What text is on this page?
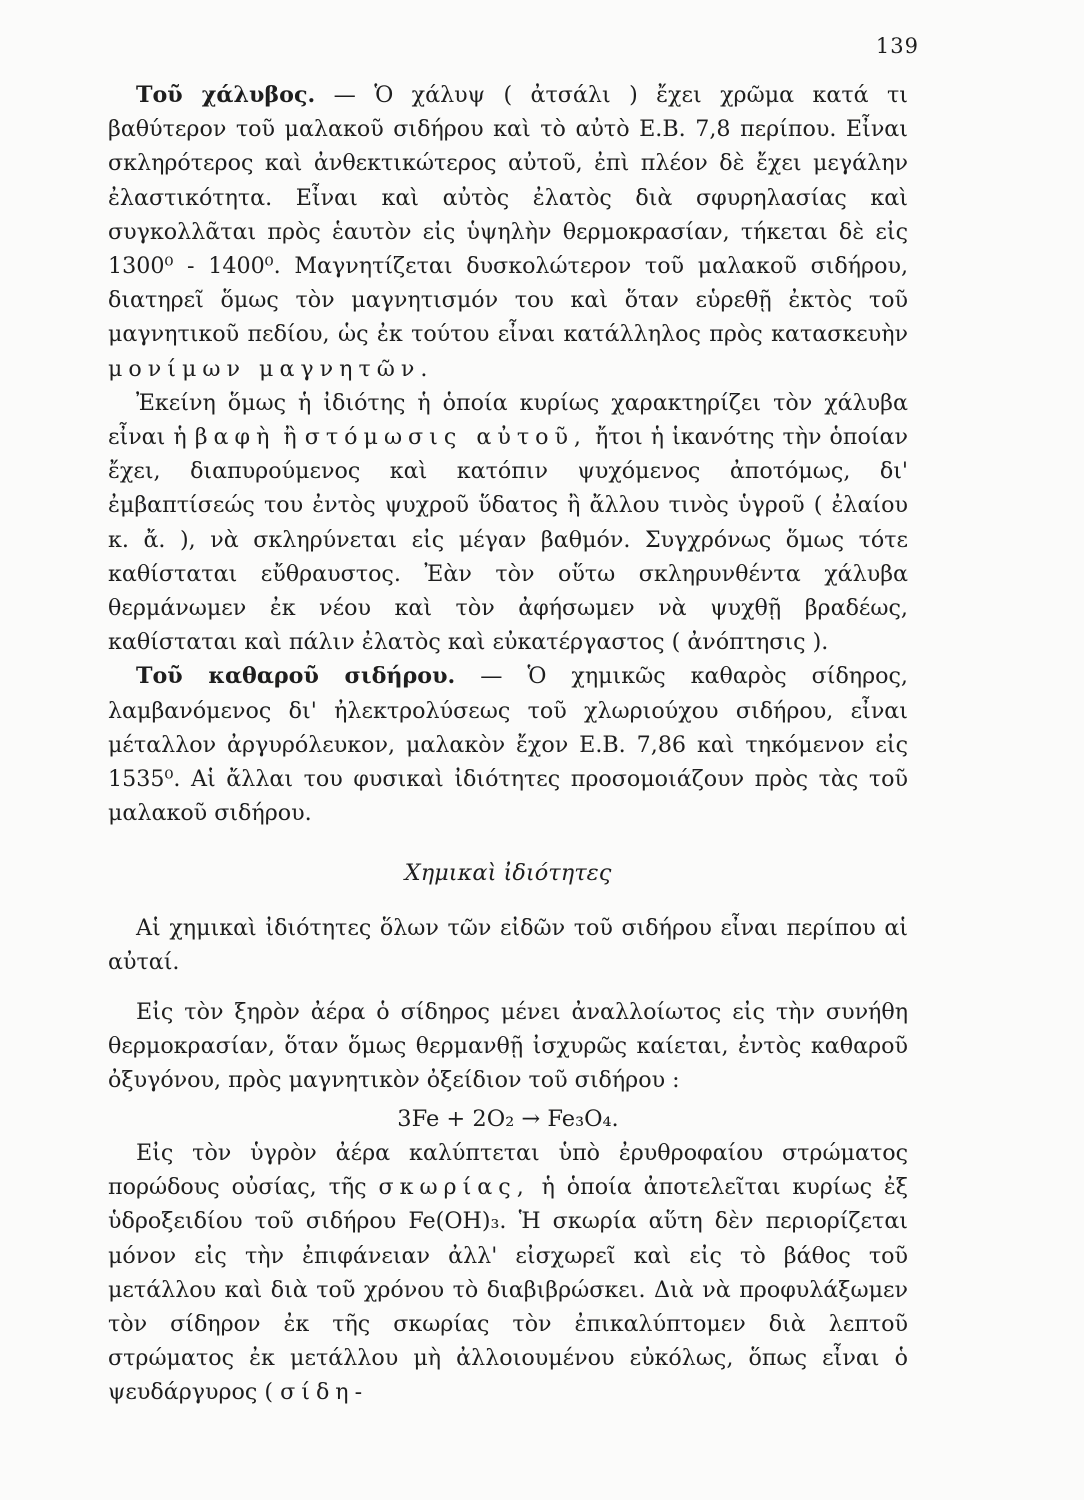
139

Τοῦ χάλυβος. — Ὁ χάλυψ ( ἀτσάλι ) ἔχει χρῶμα κατά τι βαθύτερον τοῦ μαλακοῦ σιδήρου καὶ τὸ αὐτὸ Ε.Β. 7,8 περίπου. Εἶναι σκληρότερος καὶ ἀνθεκτικώτερος αὐτοῦ, ἐπὶ πλέον δὲ ἔχει μεγάλην ἐλαστικότητα. Εἶναι καὶ αὐτὸς ἐλατὸς διὰ σφυρηλασίας καὶ συγκολλᾶται πρὸς ἑαυτὸν εἰς ὑψηλὴν θερμοκρασίαν, τήκεται δὲ εἰς 1300⁰ - 1400⁰. Μαγνητίζεται δυσκολώτερον τοῦ μαλακοῦ σιδήρου, διατηρεῖ ὅμως τὸν μαγνητισμόν του καὶ ὅταν εὑρεθῇ ἐκτὸς τοῦ μαγνητικοῦ πεδίου, ὡς ἐκ τούτου εἶναι κατάλληλος πρὸς κατασκευὴν μονίμων μαγνητῶν.

Ἐκείνη ὅμως ἡ ἰδιότης ἡ ὁποία κυρίως χαρακτηρίζει τὸν χάλυβα εἶναι ἡ βαφὴ ἢ στόμωσις αὐτοῦ, ἤτοι ἡ ἱκανότης τὴν ὁποίαν ἔχει, διαπυρούμενος καὶ κατόπιν ψυχόμενος ἀποτόμως, δι' ἐμβαπτίσεώς του ἐντὸς ψυχροῦ ὕδατος ἢ ἄλλου τινὸς ὑγροῦ ( ἐλαίου κ. ἄ. ), νὰ σκληρύνεται εἰς μέγαν βαθμόν. Συγχρόνως ὅμως τότε καθίσταται εὔθραυστος. Ἐὰν τὸν οὕτω σκληρυνθέντα χάλυβα θερμάνωμεν ἐκ νέου καὶ τὸν ἀφήσωμεν νὰ ψυχθῇ βραδέως, καθίσταται καὶ πάλιν ἐλατὸς καὶ εὐκατέργαστος ( ἀνόπτησις ).

Τοῦ καθαροῦ σιδήρου. — Ὁ χημικῶς καθαρὸς σίδηρος, λαμβανόμενος δι' ἠλεκτρολύσεως τοῦ χλωριούχου σιδήρου, εἶναι μέταλλον ἀργυρόλευκον, μαλακὸν ἔχον Ε.Β. 7,86 καὶ τηκόμενον εἰς 1535⁰. Αἱ ἄλλαι του φυσικαὶ ἰδιότητες προσομοιάζουν πρὸς τὰς τοῦ μαλακοῦ σιδήρου.

Χημικαὶ ἰδιότητες

Αἱ χημικαὶ ἰδιότητες ὅλων τῶν εἰδῶν τοῦ σιδήρου εἶναι περίπου αἱ αὐταί.

Εἰς τὸν ξηρὸν ἀέρα ὁ σίδηρος μένει ἀναλλοίωτος εἰς τὴν συνήθη θερμοκρασίαν, ὅταν ὅμως θερμανθῇ ἰσχυρῶς καίεται, ἐντὸς καθαροῦ ὀξυγόνου, πρὸς μαγνητικὸν ὀξείδιον τοῦ σιδήρου :

3Fe + 2O₂ → Fe₃O₄.

Εἰς τὸν ὑγρὸν ἀέρα καλύπτεται ὑπὸ ἐρυθροφαίου στρώματος πορώδους οὐσίας, τῆς σκωρίας, ἡ ὁποία ἀποτελεῖται κυρίως ἐξ ὑδροξειδίου τοῦ σιδήρου Fe(OH)₃. Ἡ σκωρία αὕτη δὲν περιορίζεται μόνον εἰς τὴν ἐπιφάνειαν ἀλλ' εἰσχωρεῖ καὶ εἰς τὸ βάθος τοῦ μετάλλου καὶ διὰ τοῦ χρόνου τὸ διαβιβρώσκει. Διὰ νὰ προφυλάξωμεν τὸν σίδηρον ἐκ τῆς σκωρίας τὸν ἐπικαλύπτομεν διὰ λεπτοῦ στρώματος ἐκ μετάλλου μὴ ἀλλοιουμένου εὐκόλως, ὅπως εἶναι ὁ ψευδάργυρος ( σίδη-
